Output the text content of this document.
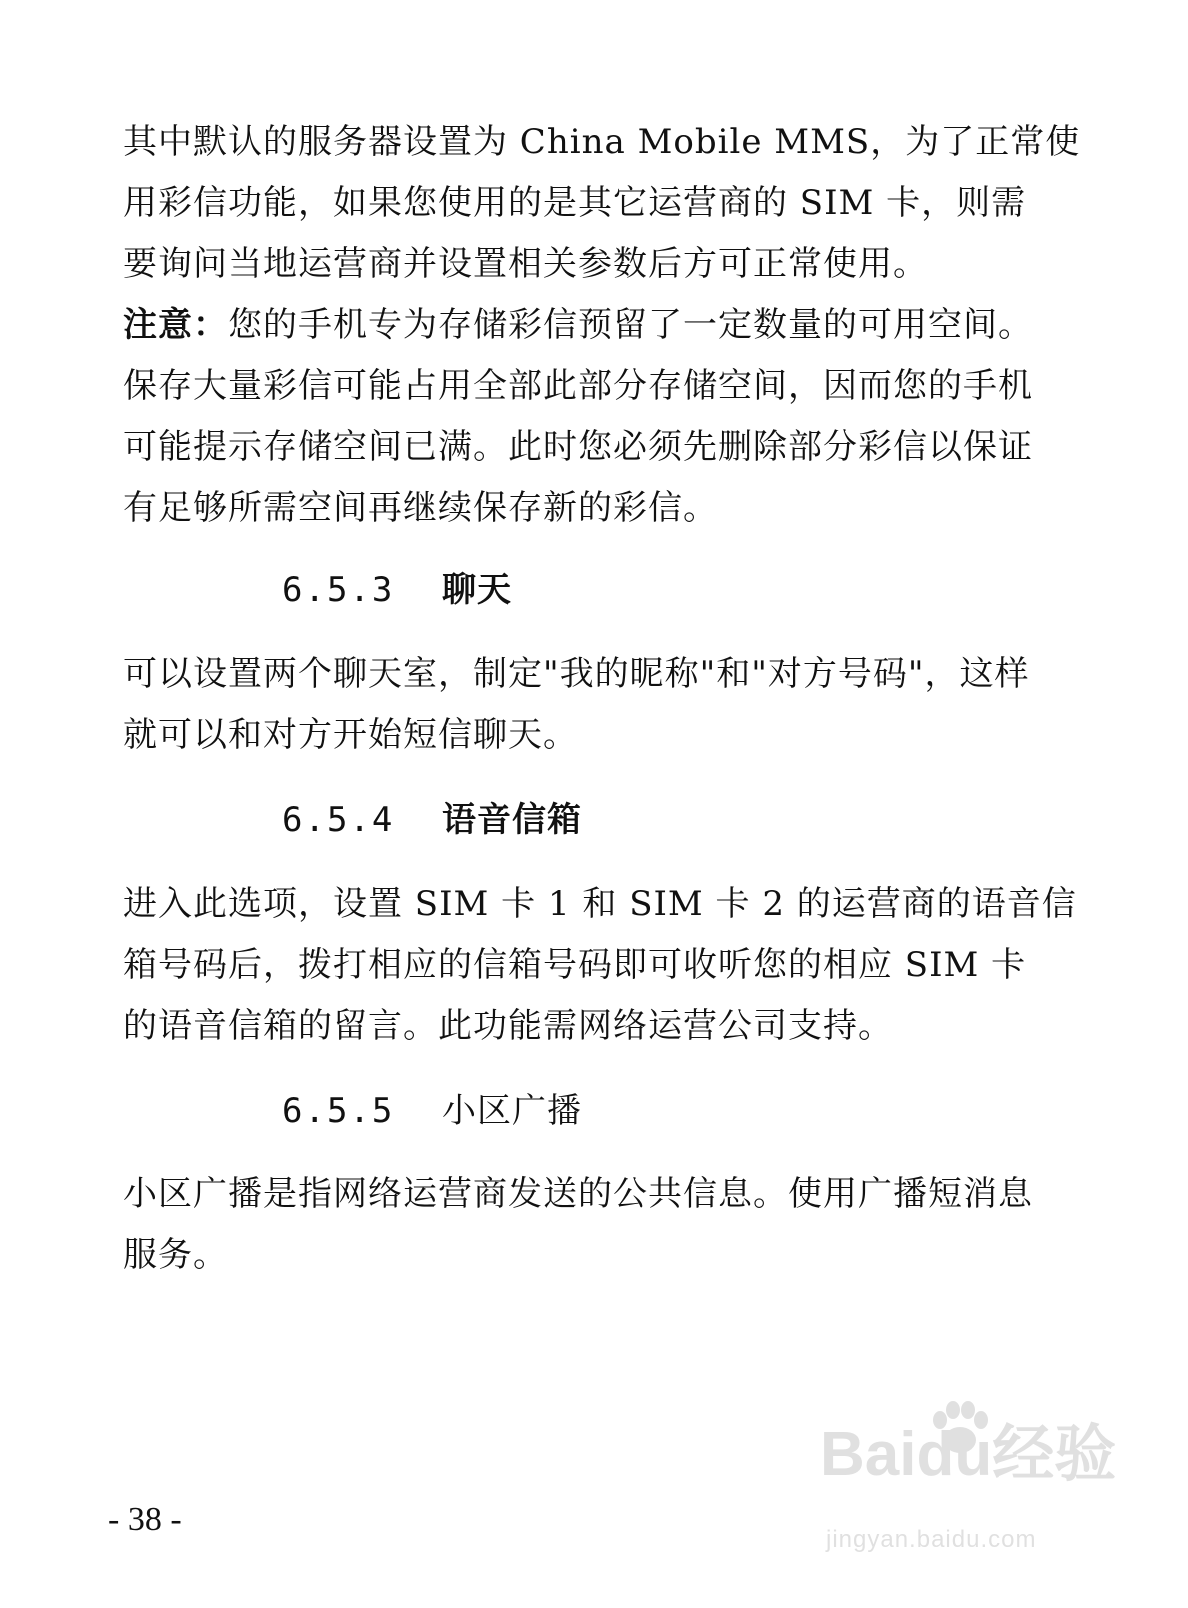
其中默认的服务器设置为 China Mobile MMS，为了正常使
用彩信功能，如果您使用的是其它运营商的 SIM 卡，则需
要询问当地运营商并设置相关参数后方可正常使用。

注意：您的手机专为存储彩信预留了一定数量的可用空间。
保存大量彩信可能占用全部此部分存储空间，因而您的手机
可能提示存储空间已满。此时您必须先删除部分彩信以保证
有足够所需空间再继续保存新的彩信。

6.5.3 聊天

可以设置两个聊天室，制定"我的昵称"和"对方号码"，这样
就可以和对方开始短信聊天。

6.5.4 语音信箱

进入此选项，设置 SIM 卡 1 和 SIM 卡 2 的运营商的语音信
箱号码后，拨打相应的信箱号码即可收听您的相应 SIM 卡
的语音信箱的留言。此功能需网络运营公司支持。

6.5.5 小区广播

小区广播是指网络运营商发送的公共信息。使用广播短消息
服务。

- 38 -
Baidu经验
jingyan.baidu.com
